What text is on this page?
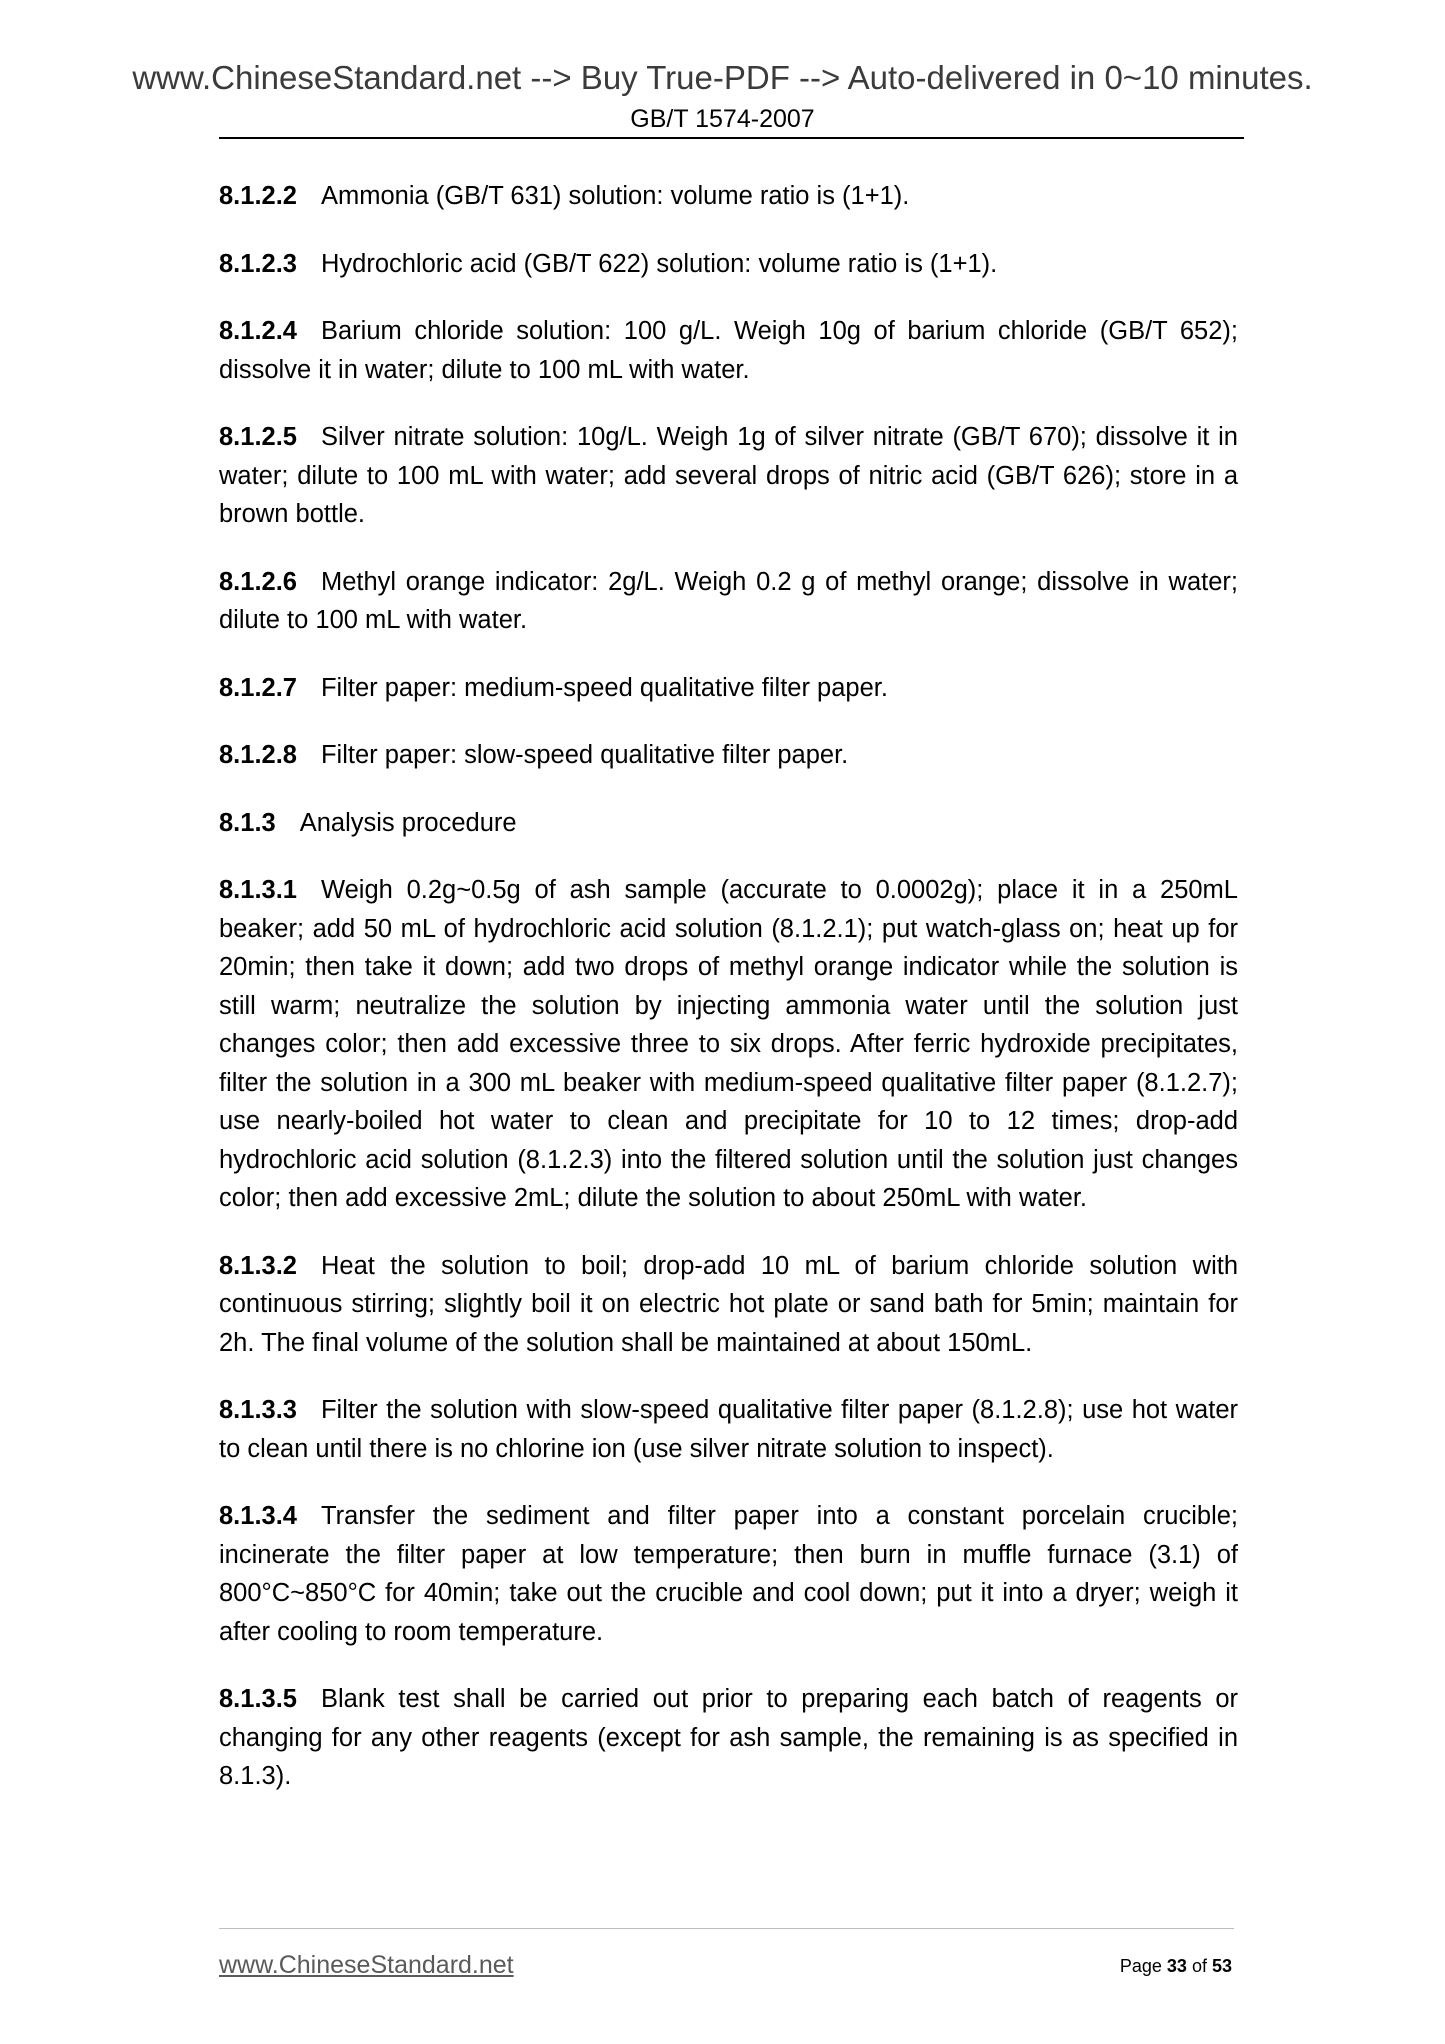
www.ChineseStandard.net --> Buy True-PDF --> Auto-delivered in 0~10 minutes.
GB/T 1574-2007

8.1.2.2 Ammonia (GB/T 631) solution: volume ratio is (1+1).

8.1.2.3 Hydrochloric acid (GB/T 622) solution: volume ratio is (1+1).

8.1.2.4 Barium chloride solution: 100 g/L. Weigh 10g of barium chloride (GB/T 652); dissolve it in water; dilute to 100 mL with water.

8.1.2.5 Silver nitrate solution: 10g/L. Weigh 1g of silver nitrate (GB/T 670); dissolve it in water; dilute to 100 mL with water; add several drops of nitric acid (GB/T 626); store in a brown bottle.

8.1.2.6 Methyl orange indicator: 2g/L. Weigh 0.2 g of methyl orange; dissolve in water; dilute to 100 mL with water.

8.1.2.7 Filter paper: medium-speed qualitative filter paper.

8.1.2.8 Filter paper: slow-speed qualitative filter paper.

8.1.3 Analysis procedure

8.1.3.1 Weigh 0.2g~0.5g of ash sample (accurate to 0.0002g); place it in a 250mL beaker; add 50 mL of hydrochloric acid solution (8.1.2.1); put watch-glass on; heat up for 20min; then take it down; add two drops of methyl orange indicator while the solution is still warm; neutralize the solution by injecting ammonia water until the solution just changes color; then add excessive three to six drops. After ferric hydroxide precipitates, filter the solution in a 300 mL beaker with medium-speed qualitative filter paper (8.1.2.7); use nearly-boiled hot water to clean and precipitate for 10 to 12 times; drop-add hydrochloric acid solution (8.1.2.3) into the filtered solution until the solution just changes color; then add excessive 2mL; dilute the solution to about 250mL with water.

8.1.3.2 Heat the solution to boil; drop-add 10 mL of barium chloride solution with continuous stirring; slightly boil it on electric hot plate or sand bath for 5min; maintain for 2h. The final volume of the solution shall be maintained at about 150mL.

8.1.3.3 Filter the solution with slow-speed qualitative filter paper (8.1.2.8); use hot water to clean until there is no chlorine ion (use silver nitrate solution to inspect).

8.1.3.4 Transfer the sediment and filter paper into a constant porcelain crucible; incinerate the filter paper at low temperature; then burn in muffle furnace (3.1) of 800°C~850°C for 40min; take out the crucible and cool down; put it into a dryer; weigh it after cooling to room temperature.

8.1.3.5 Blank test shall be carried out prior to preparing each batch of reagents or changing for any other reagents (except for ash sample, the remaining is as specified in 8.1.3).

www.ChineseStandard.net	Page 33 of 53
